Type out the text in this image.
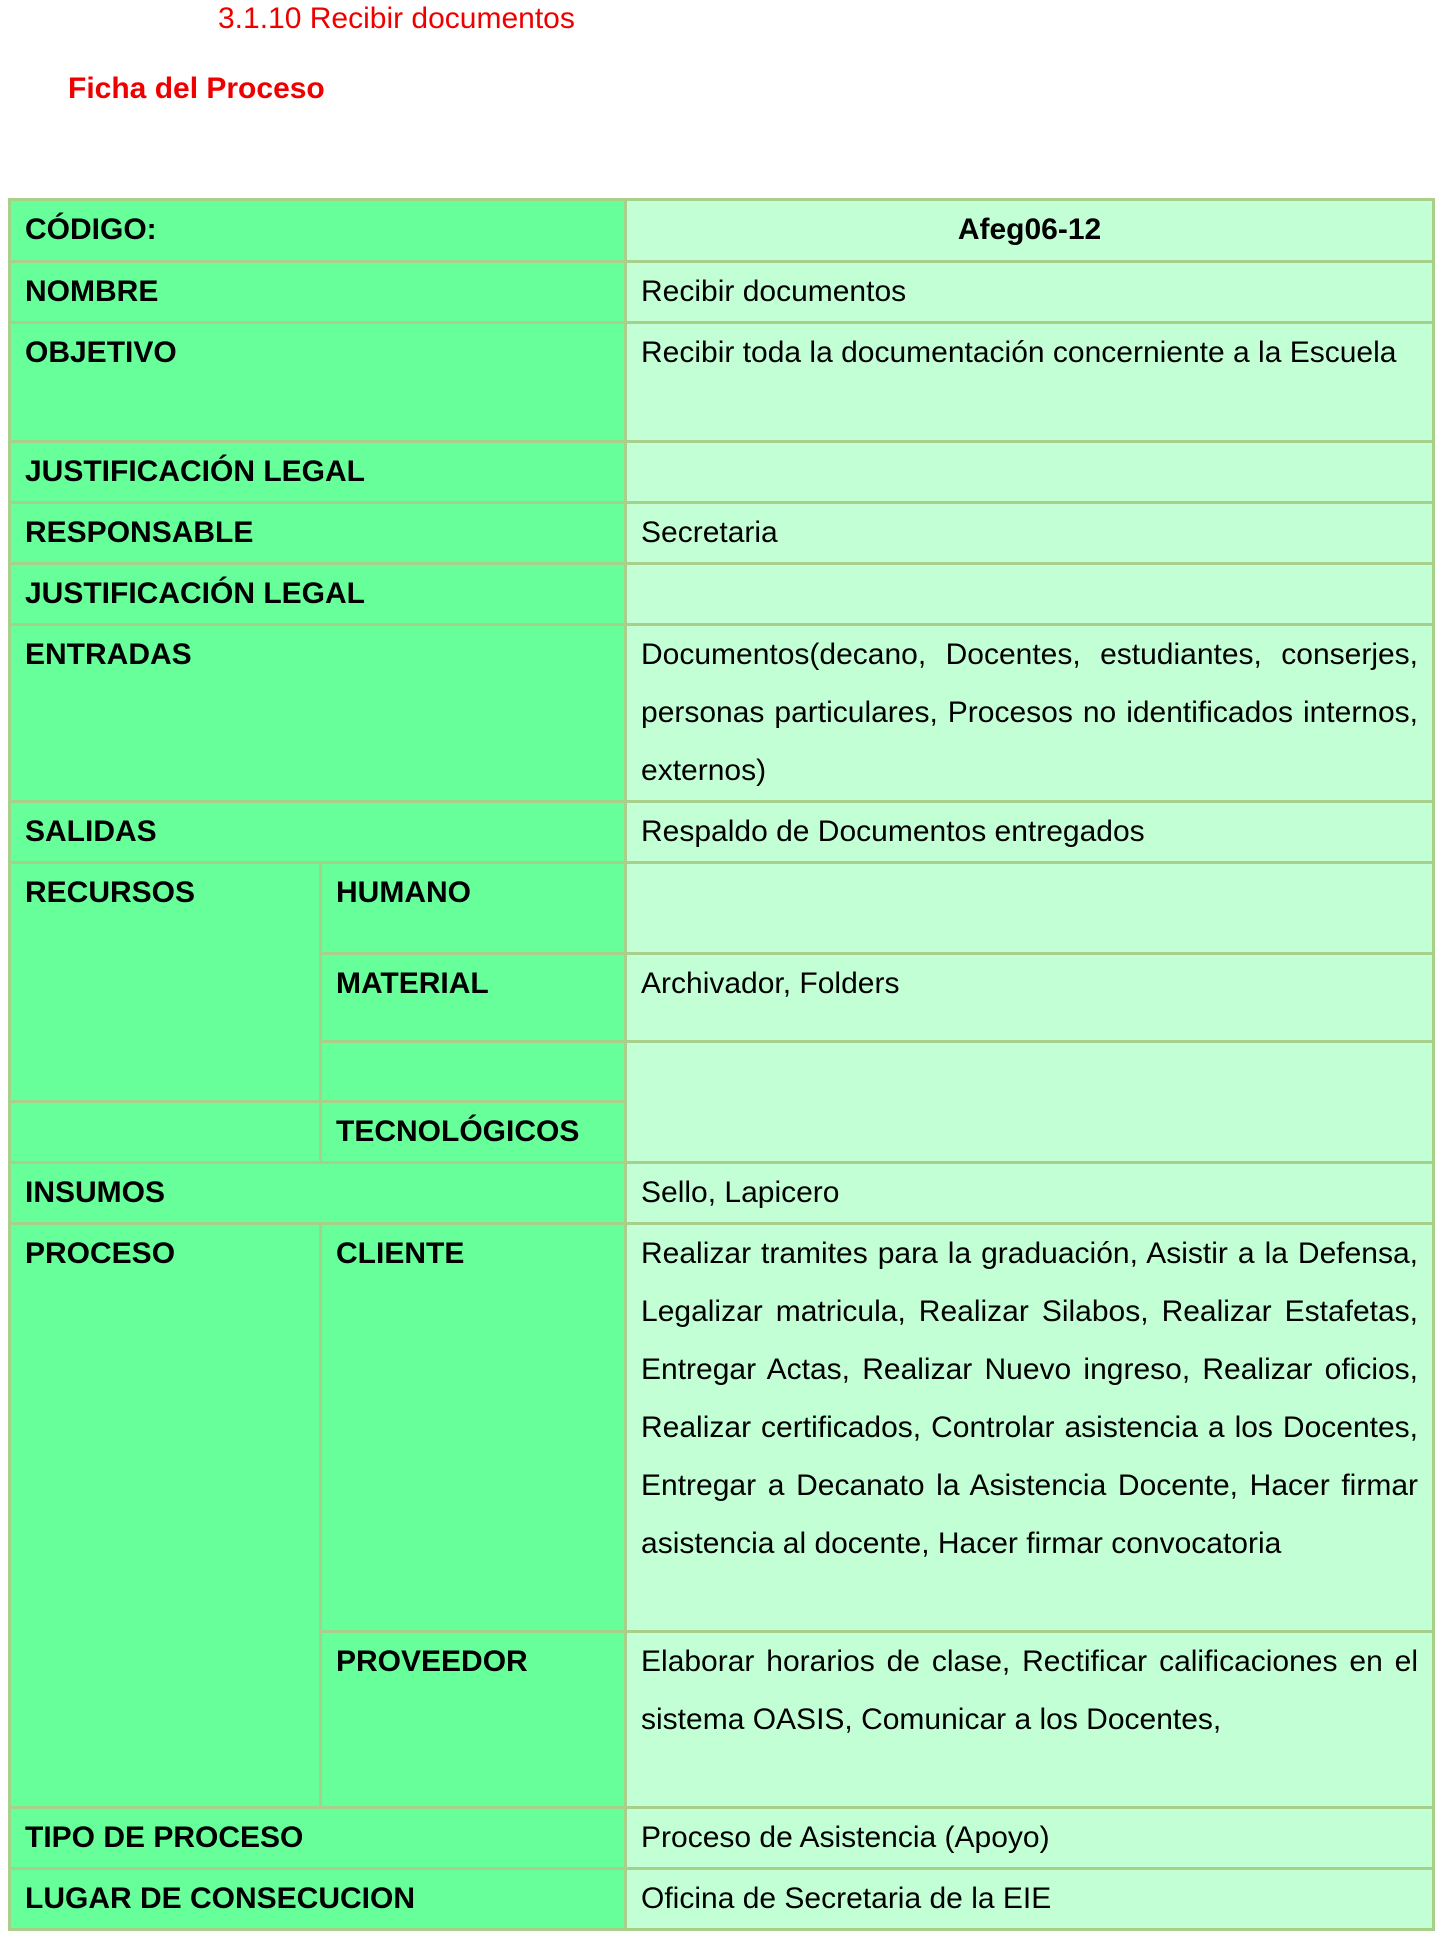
3.1.10 Recibir documentos
Ficha del Proceso
CÓDIGO:		Afeg06-12
NOMBRE		Recibir documentos
OBJETIVO		Recibir toda la documentación concerniente a la Escuela
JUSTIFICACIÓN LEGAL		
RESPONSABLE		Secretaria
JUSTIFICACIÓN LEGAL		
ENTRADAS		Documentos(decano, Docentes, estudiantes, conserjes, personas particulares, Procesos no identificados internos, externos)
SALIDAS		Respaldo de Documentos entregados
RECURSOS	HUMANO	
	MATERIAL	Archivador, Folders

	TECNOLÓGICOS	
INSUMOS		Sello, Lapicero
PROCESO	CLIENTE	Realizar tramites para la graduación, Asistir a la Defensa, Legalizar matricula, Realizar Silabos, Realizar Estafetas, Entregar Actas, Realizar Nuevo ingreso, Realizar oficios, Realizar certificados, Controlar asistencia a los Docentes, Entregar a Decanato la Asistencia Docente, Hacer firmar asistencia al docente, Hacer firmar convocatoria
	PROVEEDOR	Elaborar horarios de clase, Rectificar calificaciones en el sistema OASIS, Comunicar a los Docentes,
TIPO DE PROCESO		Proceso de Asistencia (Apoyo)
LUGAR DE CONSECUCION		Oficina de Secretaria de la EIE
